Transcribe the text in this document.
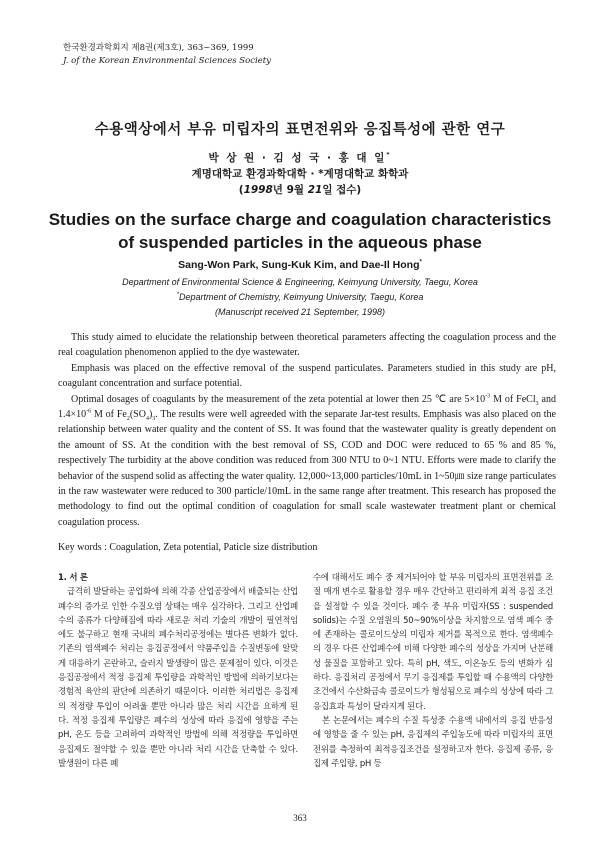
한국환경과학회지 제8권(제3호), 363~369, 1999
J. of the Korean Environmental Sciences Society
수용액상에서 부유 미립자의 표면전위와 응집특성에 관한 연구
박 상 원 · 김 성 국 · 홍 대 일*
계명대학교 환경과학대학 · *계명대학교 화학과
(1998년 9월 21일 접수)
Studies on the surface charge and coagulation characteristics
of suspended particles in the aqueous phase
Sang-Won Park, Sung-Kuk Kim, and Dae-Il Hong*
Department of Environmental Science & Engineering, Keimyung University, Taegu, Korea
*Department of Chemistry, Keimyung University, Taegu, Korea
(Manuscript received 21 September, 1998)

This study aimed to elucidate the relationship between theoretical parameters affecting the coagulation process and the real coagulation phenomenon applied to the dye wastewater.

Emphasis was placed on the effective removal of the suspend particulates. Parameters studied in this study are pH, coagulant concentration and surface potential.

Optimal dosages of coagulants by the measurement of the zeta potential at lower then 25 ℃ are $5\times 10^{-3}$ M of FeCl$_3$ and $1.4\times 10^{-6}$ M of $Fe_2(SO_4)_3$. The results were well agreeded with the separate Jar-test results. Emphasis was also placed on the relationship between water quality and the content of SS. It was found that the wastewater quality is greatly dependent on the amount of SS. At the condition with the best removal of SS, COD and DOC were reduced to 65 % and 85 %, respectively The turbidity at the above condition was reduced from 300 NTU to 0~1 NTU. Efforts were made to clarify the behavior of the suspend solid as affecting the water quality. 12,000~13,000 particles/10mL in 1~50㎛ size range particulates in the raw wastewater were reduced to 300 particle/10mL in the same range after treatment. This research has proposed the methodology to find out the optimal condition of coagulation for small scale wastewater treatment plant or chemical coagulation process.

Key words : Coagulation, Zeta potential, Paticle size distribution

1. 서 론

급격히 발달하는 공업화에 의해 각종 산업공장에서 배출되는 산업폐수의 증가로 인한 수질오염 상태는 매우 심각하다. 그리고 산업폐수의 종류가 다양해짐에 따라 새로운 처리 기술의 개발이 필연적임에도 불구하고 현재 국내의 폐수처리공정에는 별다른 변화가 없다. 기존의 염색폐수 처리는 응집공정에서 약품주입을 수질변동에 알맞게 대응하기 곤란하고, 슬러지 발생량이 많은 문제점이 있다. 이것은 응집공정에서 적정 응집제 투입량을 과학적인 방법에 의하기보다는 경험적 육안의 판단에 의존하기 때문이다. 이러한 처리법은 응집제의 적정량 투입이 어려울 뿐만 아니라 많은 처리 시간을 요하게 된다. 적정 응집제 투입량은 폐수의 성상에 따라 응집에 영향을 주는 pH, 온도 등을 고려하여 과학적인 방법에 의해 적정량을 투입하면 응집제도 절약할 수 있을 뿐만 아니라 처리 시간을 단축할 수 있다. 발생원이 다른 폐

수에 대해서도 폐수 중 제거되어야 할 부유 미립자의 표면전위를 조절 매개 변수로 활용할 경우 매우 간단하고 편리하게 최적 응집 조건을 설정할 수 있을 것이다. 폐수 중 부유 미립자(SS : suspended solids)는 수질 오염원의 50~90%이상을 차지함으로 염색 폐수 중에 존재하는 콜로이드상의 미립자 제거를 목적으로 한다. 염색폐수의 경우 다른 산업폐수에 비해 다양한 폐수의 성상을 가지며 난분해성 물질을 포함하고 있다. 특히 pH, 색도, 이온농도 등의 변화가 심하다. 응집처리 공정에서 무기 응집제를 투입할 때 수용액의 다양한 조건에서 수산화금속 콜로이드가 형성됨으로 폐수의 성상에 따라 그 응집효과 특성이 달라지게 된다.

본 논문에서는 폐수의 수질 특성중 수용액 내에서의 응집 반응성에 영향을 줄 수 있는 pH, 응집제의 주입농도에 따라 미립자의 표면전위를 측정하여 최적응집조건을 설정하고자 한다. 응집제 종류, 응집제 주입량, pH 등

363
